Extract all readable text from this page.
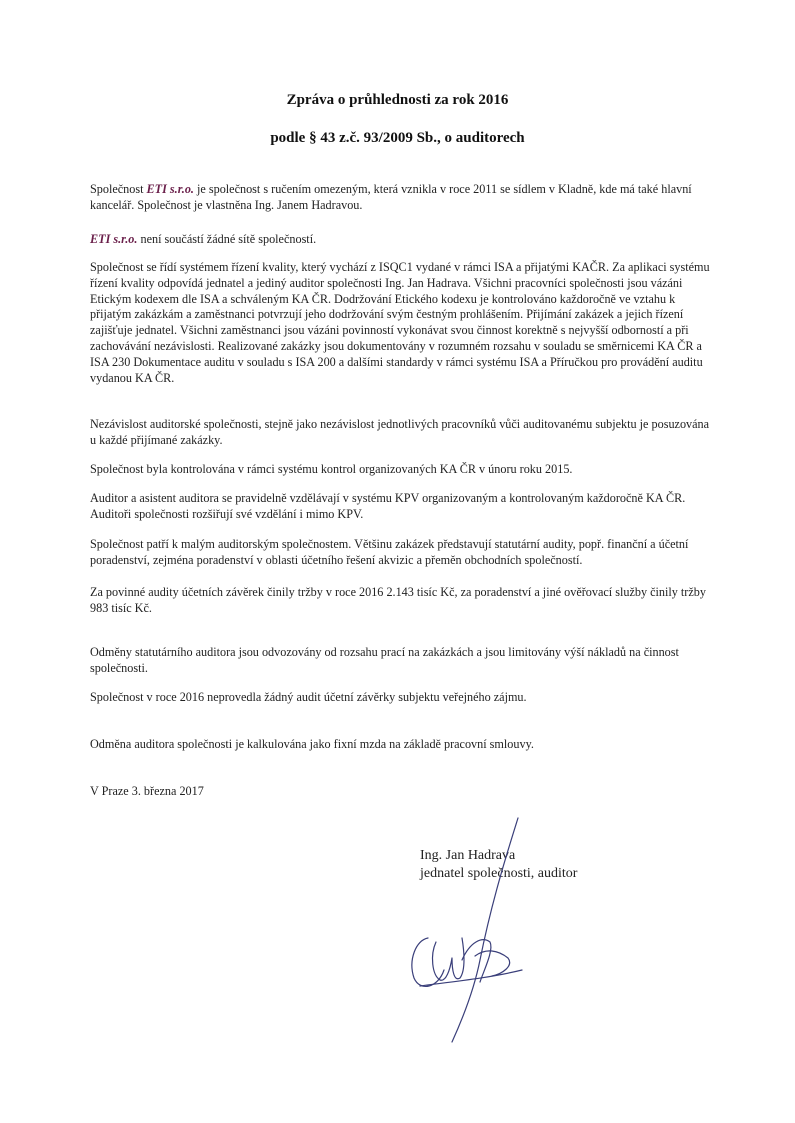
Zpráva o průhlednosti za rok 2016
podle § 43 z.č. 93/2009 Sb., o auditorech

Společnost ETI s.r.o. je společnost s ručením omezeným, která vznikla v roce 2011 se sídlem v Kladně, kde má také hlavní kancelář. Společnost je vlastněna Ing. Janem Hadravou.

ETI s.r.o. není součástí žádné sítě společností.

Společnost se řídí systémem řízení kvality, který vychází z ISQC1 vydané v rámci ISA a přijatými KAČR. Za aplikaci systému řízení kvality odpovídá jednatel a jediný auditor společnosti Ing. Jan Hadrava. Všichni pracovníci společnosti jsou vázáni Etickým kodexem dle ISA a schváleným KA ČR. Dodržování Etického kodexu je kontrolováno každoročně ve vztahu k přijatým zakázkám a zaměstnanci potvrzují jeho dodržování svým čestným prohlášením. Přijímání zakázek a jejich řízení zajišťuje jednatel. Všichni zaměstnanci jsou vázáni povinností vykonávat svou činnost korektně s nejvyšší odborností a při zachovávání nezávislosti. Realizované zakázky jsou dokumentovány v rozumném rozsahu v souladu se směrnicemi KA ČR a ISA 230 Dokumentace auditu v souladu s ISA 200 a dalšími standardy v rámci systému ISA a Příručkou pro provádění auditu vydanou KA ČR.
Nezávislost auditorské společnosti, stejně jako nezávislost jednotlivých pracovníků vůči auditovanému subjektu je posuzována u každé přijímané zakázky.
Společnost byla kontrolována v rámci systému kontrol organizovaných KA ČR v únoru roku 2015.
Auditor a asistent auditora se pravidelně vzdělávají v systému KPV organizovaným a kontrolovaným každoročně KA ČR. Auditoři společnosti rozšiřují své vzdělání i mimo KPV.
Společnost patří k malým auditorským společnostem. Většinu zakázek představují statutární audity, popř. finanční a účetní poradenství, zejména poradenství v oblasti účetního řešení akvizic a přeměn obchodních společností.
Za povinné audity účetních závěrek činily tržby v roce 2016 2.143 tisíc Kč, za poradenství a jiné ověřovací služby činily tržby 983 tisíc Kč.
Odměny statutárního auditora jsou odvozovány od rozsahu prací na zakázkách a jsou limitovány výší nákladů na činnost společnosti.
Společnost v roce 2016 neprovedla žádný audit účetní závěrky subjektu veřejného zájmu.
Odměna auditora společnosti je kalkulována jako fixní mzda na základě pracovní smlouvy.
V Praze 3. března 2017
Ing. Jan Hadrava
jednatel společnosti, auditor
